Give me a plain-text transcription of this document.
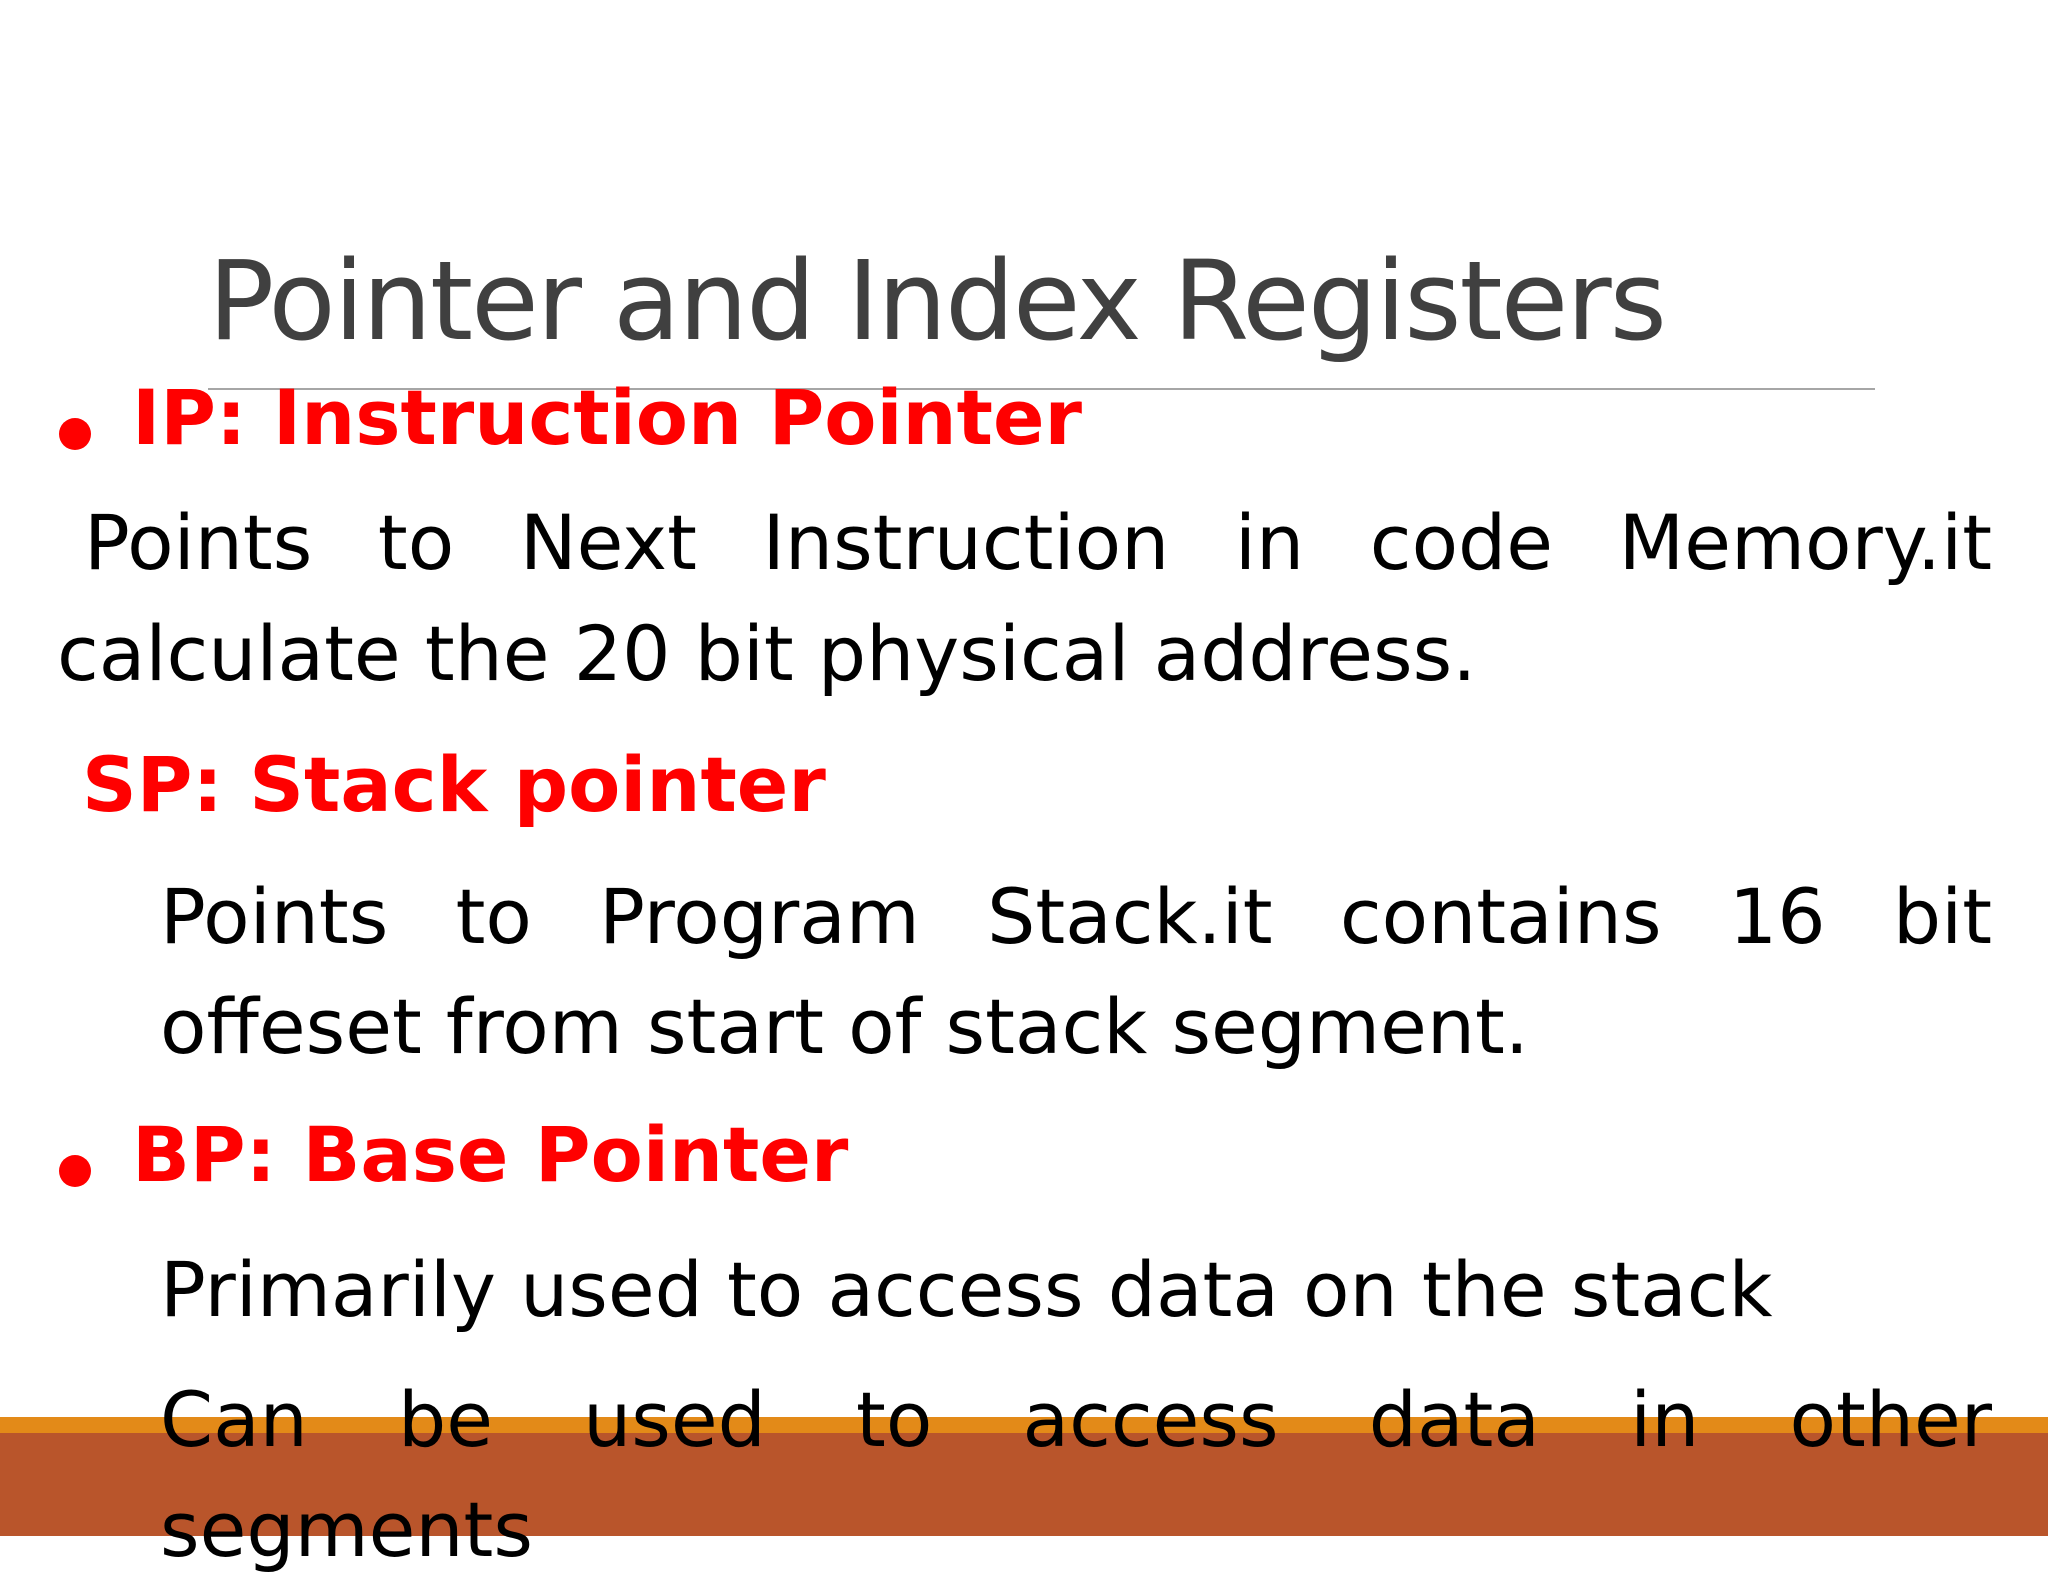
Pointer and Index Registers
IP: Instruction Pointer
Points to Next Instruction in code Memory.it
calculate the 20 bit physical address.
SP: Stack pointer
Points to Program Stack.it contains 16 bit
offeset from start of stack segment.
BP: Base Pointer
Primarily used to access data on the stack
Can be used to access data in other
segments
